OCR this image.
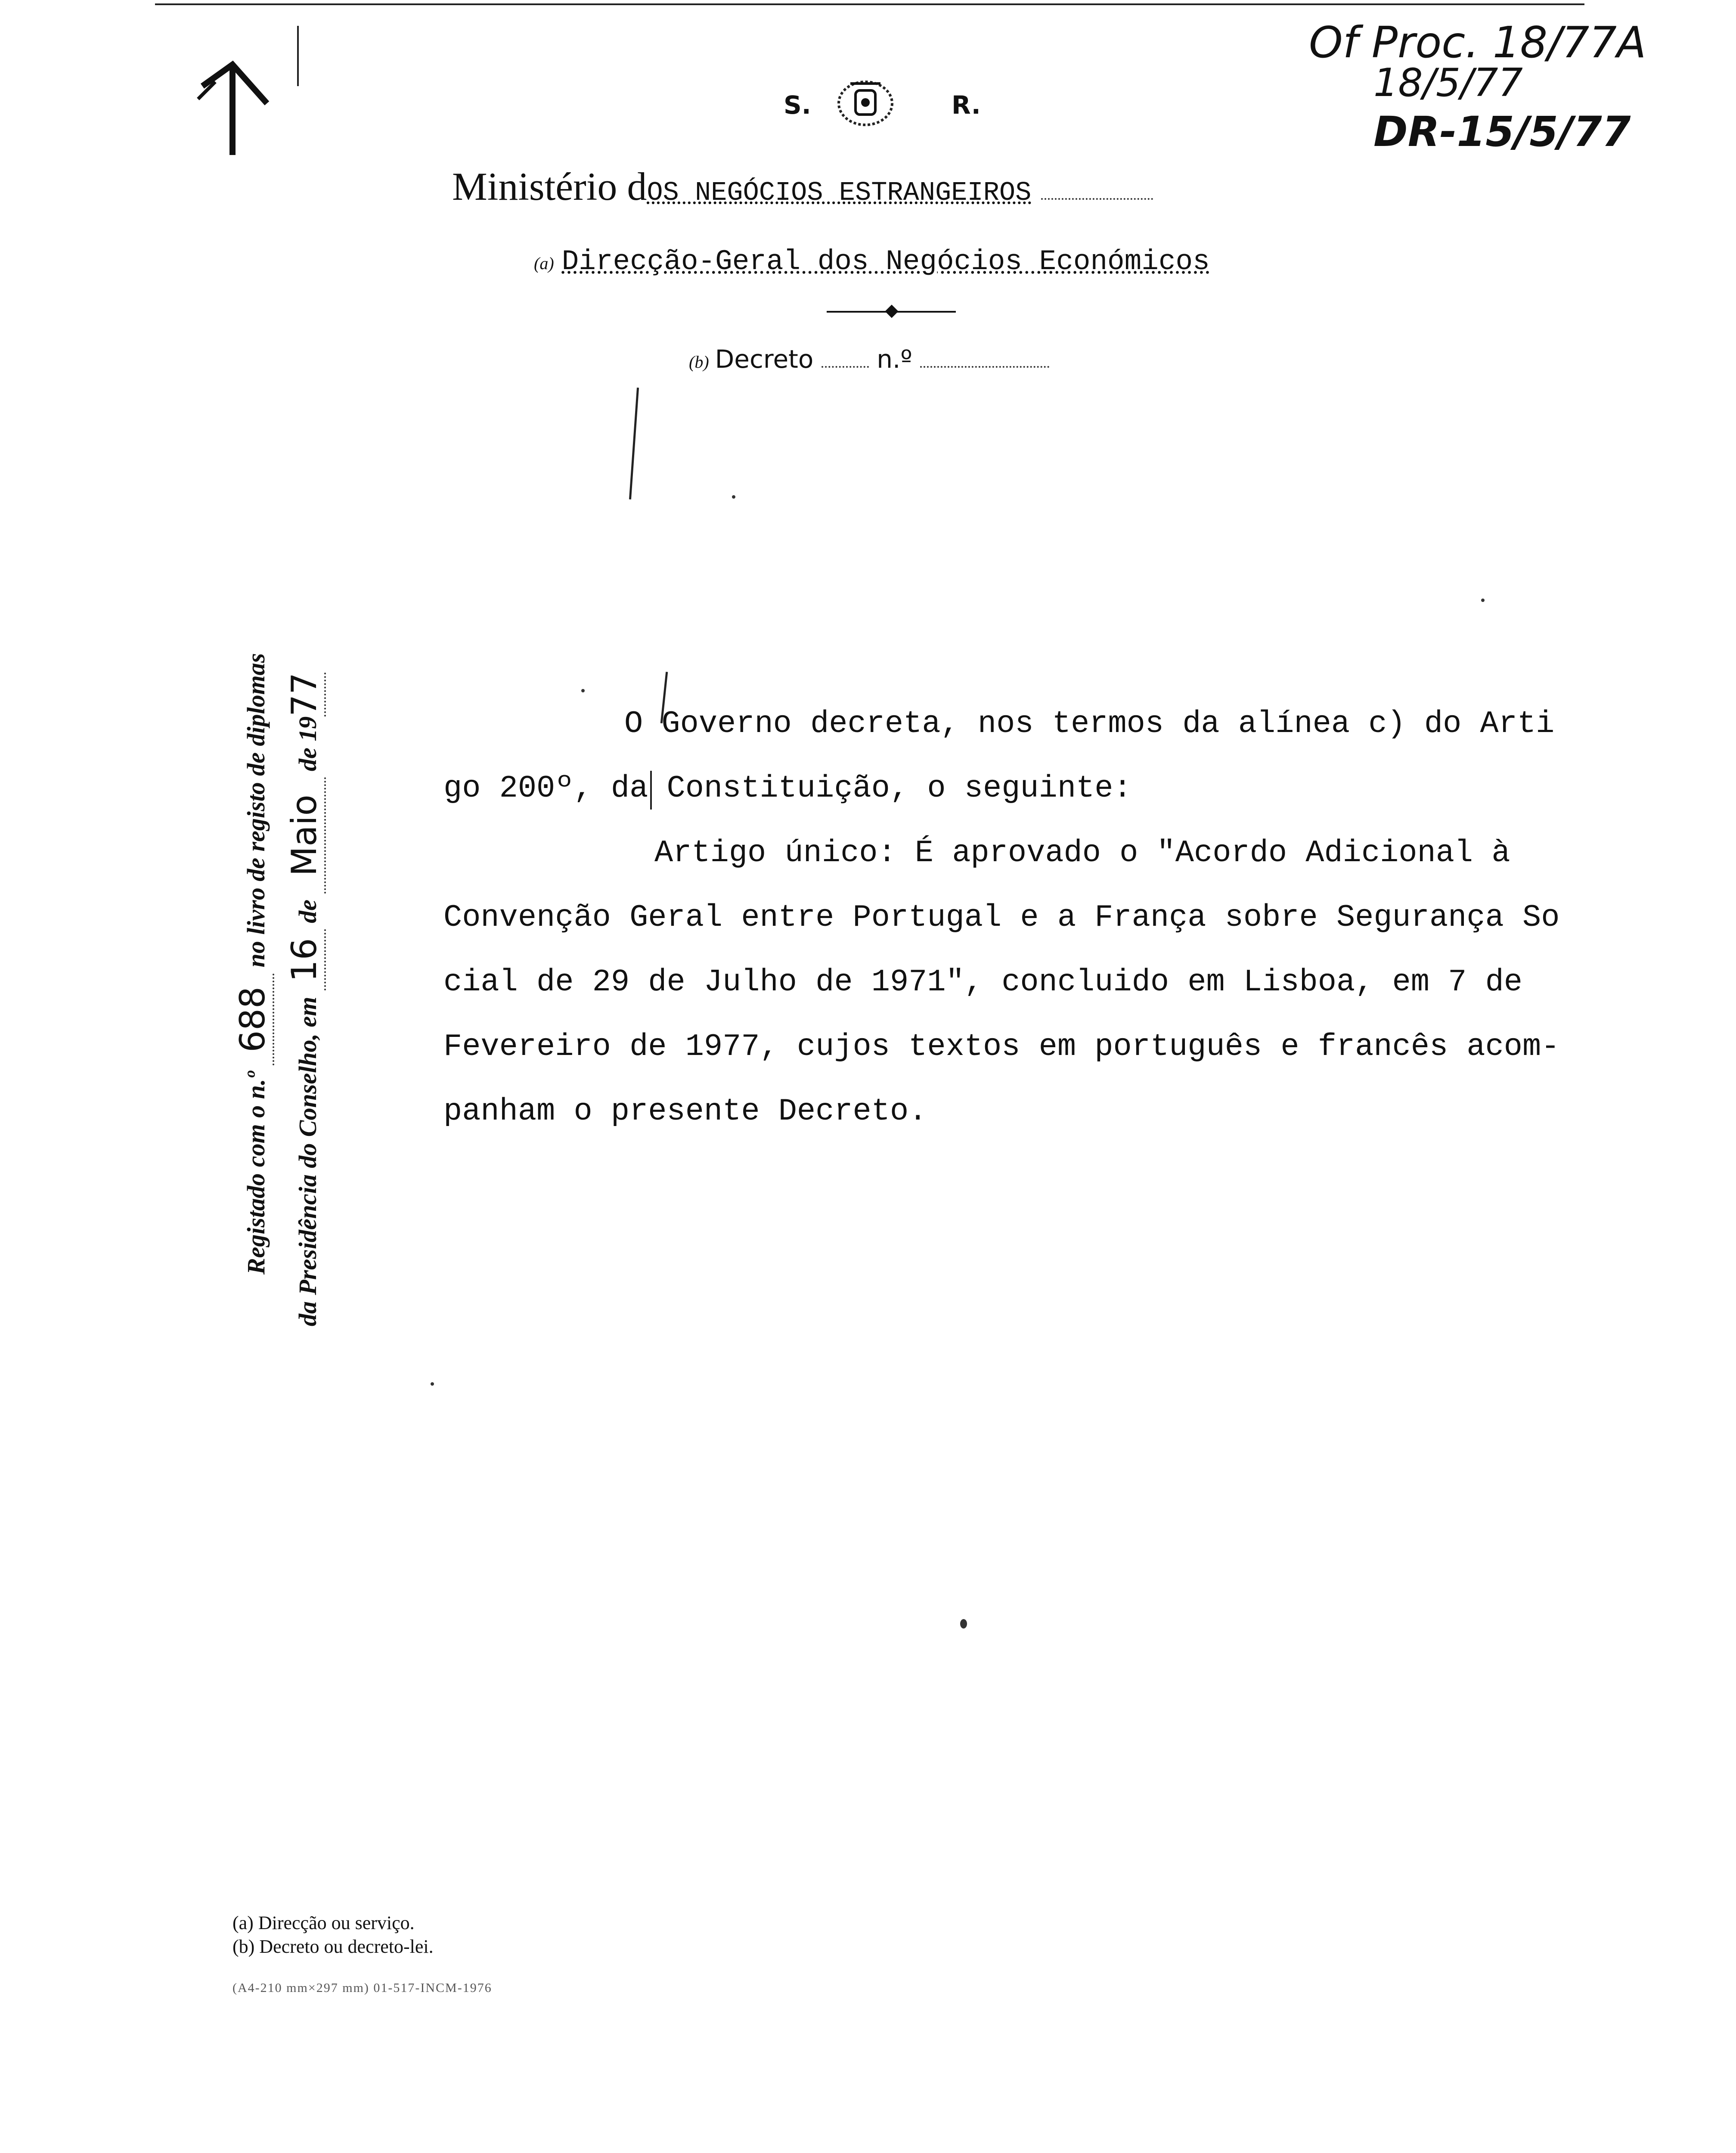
S.	R.
Of Proc. 18/77A
18/5/77
DR-15/5/77
Ministério dOS NEGÓCIOS ESTRANGEIROS
(a) Direcção-Geral dos Negócios Económicos
(b) Decreto	n.º
Registado com o n.º 688 no livro de registo de diplomas
da Presidência do Conselho, em 16 de Maio de 1977
O Governo decreta, nos termos da alínea c) do Arti
go 200º, da Constituição, o seguinte:
Artigo único: É aprovado o "Acordo Adicional à
Convenção Geral entre Portugal e a França sobre Segurança So
cial de 29 de Julho de 1971", concluido em Lisboa, em 7 de
Fevereiro de 1977, cujos textos em português e francês acom-
panham o presente Decreto.
(a) Direcção ou serviço.
(b) Decreto ou decreto-lei.
(A4-210 mm×297 mm) 01-517-INCM-1976
